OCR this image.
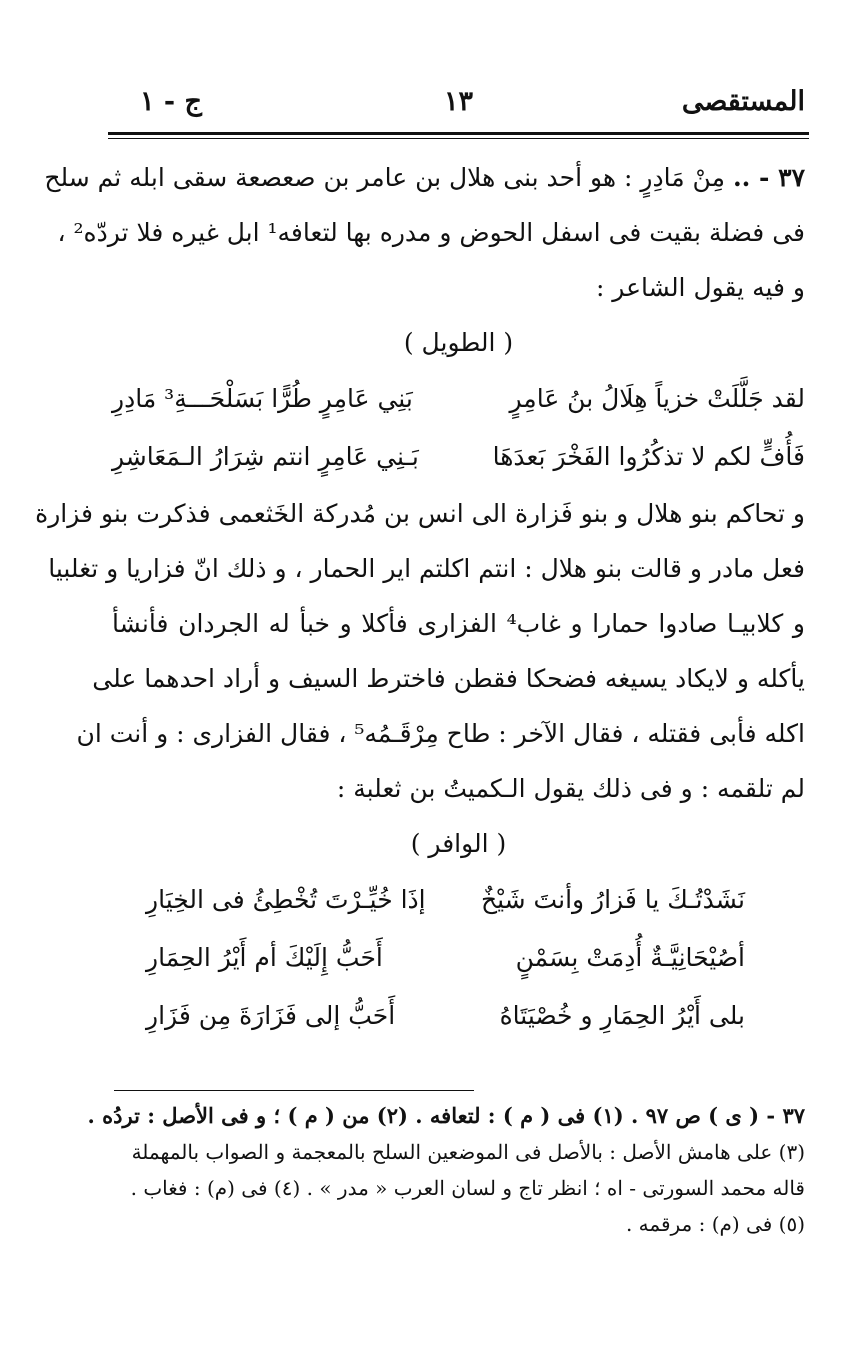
المستقصى
١٣
ج - ١
٣٧ - .. مِنْ مَادِرٍ : هو أحد بنى هلال بن عامر بن صعصعة سقى ابله ثم سلح
فى فضلة بقيت فى اسفل الحوض و مدره بها لتعافه¹ ابل غيره فلا تردّه² ،
و فيه يقول الشاعر :
( الطويل )
لقد جَلَّلَتْ خزياً هِلَالُ بنُ عَامِرٍ
بَنِي عَامِرٍ طُرًّا بَسَلْحَـــةِ³ مَادِرِ
فَأُفٍّ لكم لا تذكُرُوا الفَخْرَ بَعدَهَا
بَـنِي عَامِرٍ انتم شِرَارُ الـمَعَاشِرِ
و تحاكم بنو هلال و بنو فَزارة الى انس بن مُدركة الخَثعمى فذكرت بنو فزارة
فعل مادر و قالت بنو هلال : انتم اكلتم اير الحمار ، و ذلك انّ فزاريا و تغلبيا
و كلابيـا صادوا حمارا و غاب⁴ الفزارى فأكلا و خبأ له الجردان فأنشأ
يأكله و لايكاد يسيغه فضحكا فقطن فاخترط السيف و أراد احدهما على
اكله فأبى فقتله ، فقال الآخر : طاح مِرْقَـمُه⁵ ، فقال الفزارى : و أنت ان
لم تلقمه : و فى ذلك يقول الـكميتُ بن ثعلبة :
( الوافر )
نَشَدْتُـكَ يا فَزارُ وأنتَ شَيْخٌ
إذَا خُيِّـرْتَ تُخْطِئُ فى الخِيَارِ
أصُيْحَانِيَّـةٌ أُدِمَتْ بِسَمْنٍ
أَحَبُّ إِلَيْكَ أم أَيْرُ الحِمَارِ
بلى أَيْرُ الحِمَارِ و خُصْيَتَاهُ
أَحَبُّ إلى فَزَارَةَ مِن فَزَارِ
٣٧ - ( ى ) ص ٩٧ . (١) فى ( م ) : لتعافه . (٢) من ( م ) ؛ و فى الأصل : تردُه .
(٣) على هامش الأصل : بالأصل فى الموضعين السلح بالمعجمة و الصواب بالمهملة
قاله محمد السورتى - اه ؛ انظر تاج و لسان العرب « مدر » . (٤) فى (م) : فغاب .
(٥) فى (م) : مرقمه .
